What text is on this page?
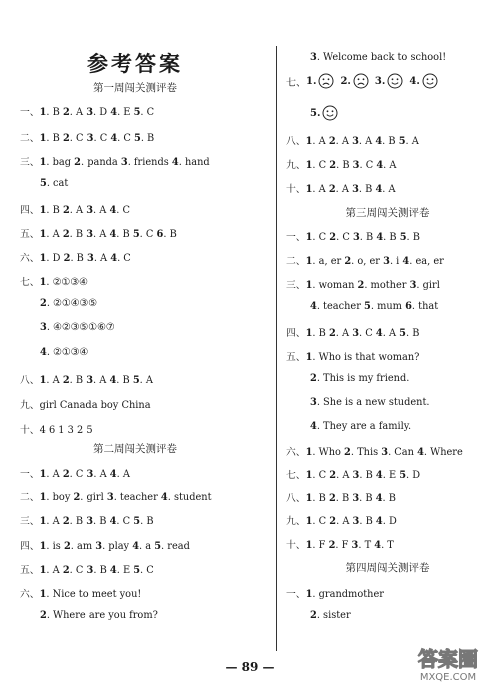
参考答案
第一周闯关测评卷
一、1. B 2. A 3. D 4. E 5. C
二、1. B 2. C 3. C 4. C 5. B
三、1. bag 2. panda 3. friends 4. hand
5. cat
四、1. B 2. A 3. A 4. C
五、1. A 2. B 3. A 4. B 5. C 6. B
六、1. D 2. B 3. A 4. C
七、1. ②①③④
2. ②①④③⑤
3. ④②③⑤①⑥⑦
4. ②①③④
八、1. A 2. B 3. A 4. B 5. A
九、girl Canada boy China
十、4 6 1 3 2 5
第二周闯关测评卷
一、1. A 2. C 3. A 4. A
二、1. boy 2. girl 3. teacher 4. student
三、1. A 2. B 3. B 4. C 5. B
四、1. is 2. am 3. play 4. a 5. read
五、1. A 2. C 3. B 4. E 5. C
六、1. Nice to meet you!
2. Where are you from?
3. Welcome back to school!
七、 1. 2. 3. 4.
5.
八、1. A 2. A 3. A 4. B 5. A
九、1. C 2. B 3. C 4. A
十、1. A 2. A 3. B 4. A
第三周闯关测评卷
一、1. C 2. C 3. B 4. B 5. B
二、1. a, er 2. o, er 3. i 4. ea, er
三、1. woman 2. mother 3. girl
4. teacher 5. mum 6. that
四、1. B 2. A 3. C 4. A 5. B
五、1. Who is that woman?
2. This is my friend.
3. She is a new student.
4. They are a family.
六、1. Who 2. This 3. Can 4. Where
七、1. C 2. A 3. B 4. E 5. D
八、1. B 2. B 3. B 4. B
九、1. C 2. A 3. B 4. D
十、1. F 2. F 3. T 4. T
第四周闯关测评卷
一、1. grandmother
2. sister
— 89 —	答案圈
MXQE.COM
